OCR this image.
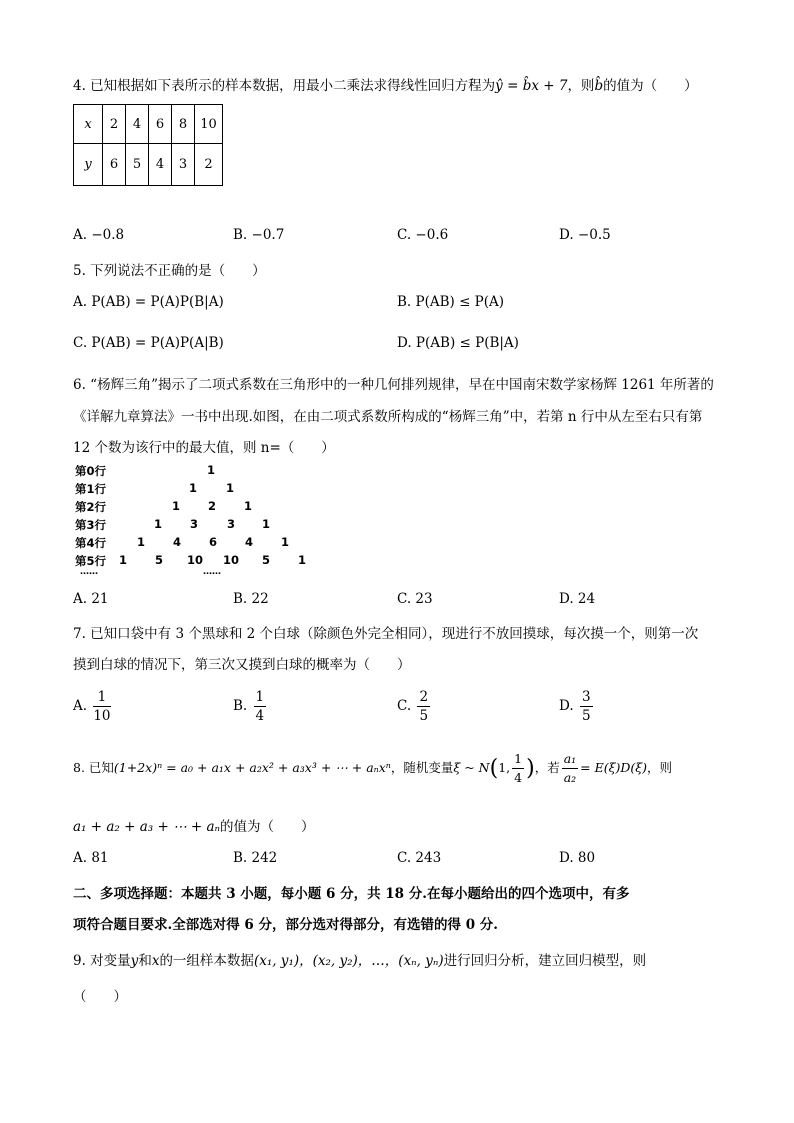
4. 已知根据如下表所示的样本数据，用最小二乘法求得线性回归方程为ŷ = b̂x + 7，则b̂的值为（　　）
x	2	4	6	8	10
y	6	5	4	3	2
A. −0.8	B. −0.7	C. −0.6	D. −0.5
5. 下列说法不正确的是（　　）
A. P(AB) = P(A)P(B|A)	B. P(AB) ≤ P(A)
C. P(AB) = P(A)P(A|B)	D. P(AB) ≤ P(B|A)
6. “杨辉三角”揭示了二项式系数在三角形中的一种几何排列规律，早在中国南宋数学家杨辉 1261 年所著的
《详解九章算法》一书中出现.如图，在由二项式系数所构成的“杨辉三角”中，若第 n 行中从左至右只有第
12 个数为该行中的最大值，则 n=（　　）
第0行	1
第1行	1	1
第2行	1 2 1
第3行	1 3	3 1
第4行	1 4 6 4 1
第5行 1 5 10 10 5 1
……	……
A. 21	B. 22	C. 23	D. 24
7. 已知口袋中有 3 个黑球和 2 个白球（除颜色外完全相同），现进行不放回摸球，每次摸一个，则第一次
摸到白球的情况下，第三次又摸到白球的概率为（　　）
A. $\frac{1}{10}$	B. $\frac{1}{4}$	C. $\frac{2}{5}$	D. $\frac{3}{5}$
8. 已知(1+2x)ⁿ = a₀ + a₁x + a₂x² + a₃x³ + ⋯ + aₙxⁿ，随机变量ξ ~ N(1, $\frac{1}{4}$ )，若 $\frac{\text{a₁}}{\text{a₂}} = E(\xi)D(\xi)$，则
a₁ + a₂ + a₃ + ⋯ + aₙ的值为（　　）
A. 81	B. 242	C. 243	D. 80
二、多项选择题：本题共 3 小题，每小题 6 分，共 18 分.在每小题给出的四个选项中，有多
项符合题目要求.全部选对得 6 分，部分选对得部分，有选错的得 0 分.
9. 对变量y和x的一组样本数据(x₁, y₁)，(x₂, y₂)，…，(xₙ, yₙ)进行回归分析，建立回归模型，则
（　　）
